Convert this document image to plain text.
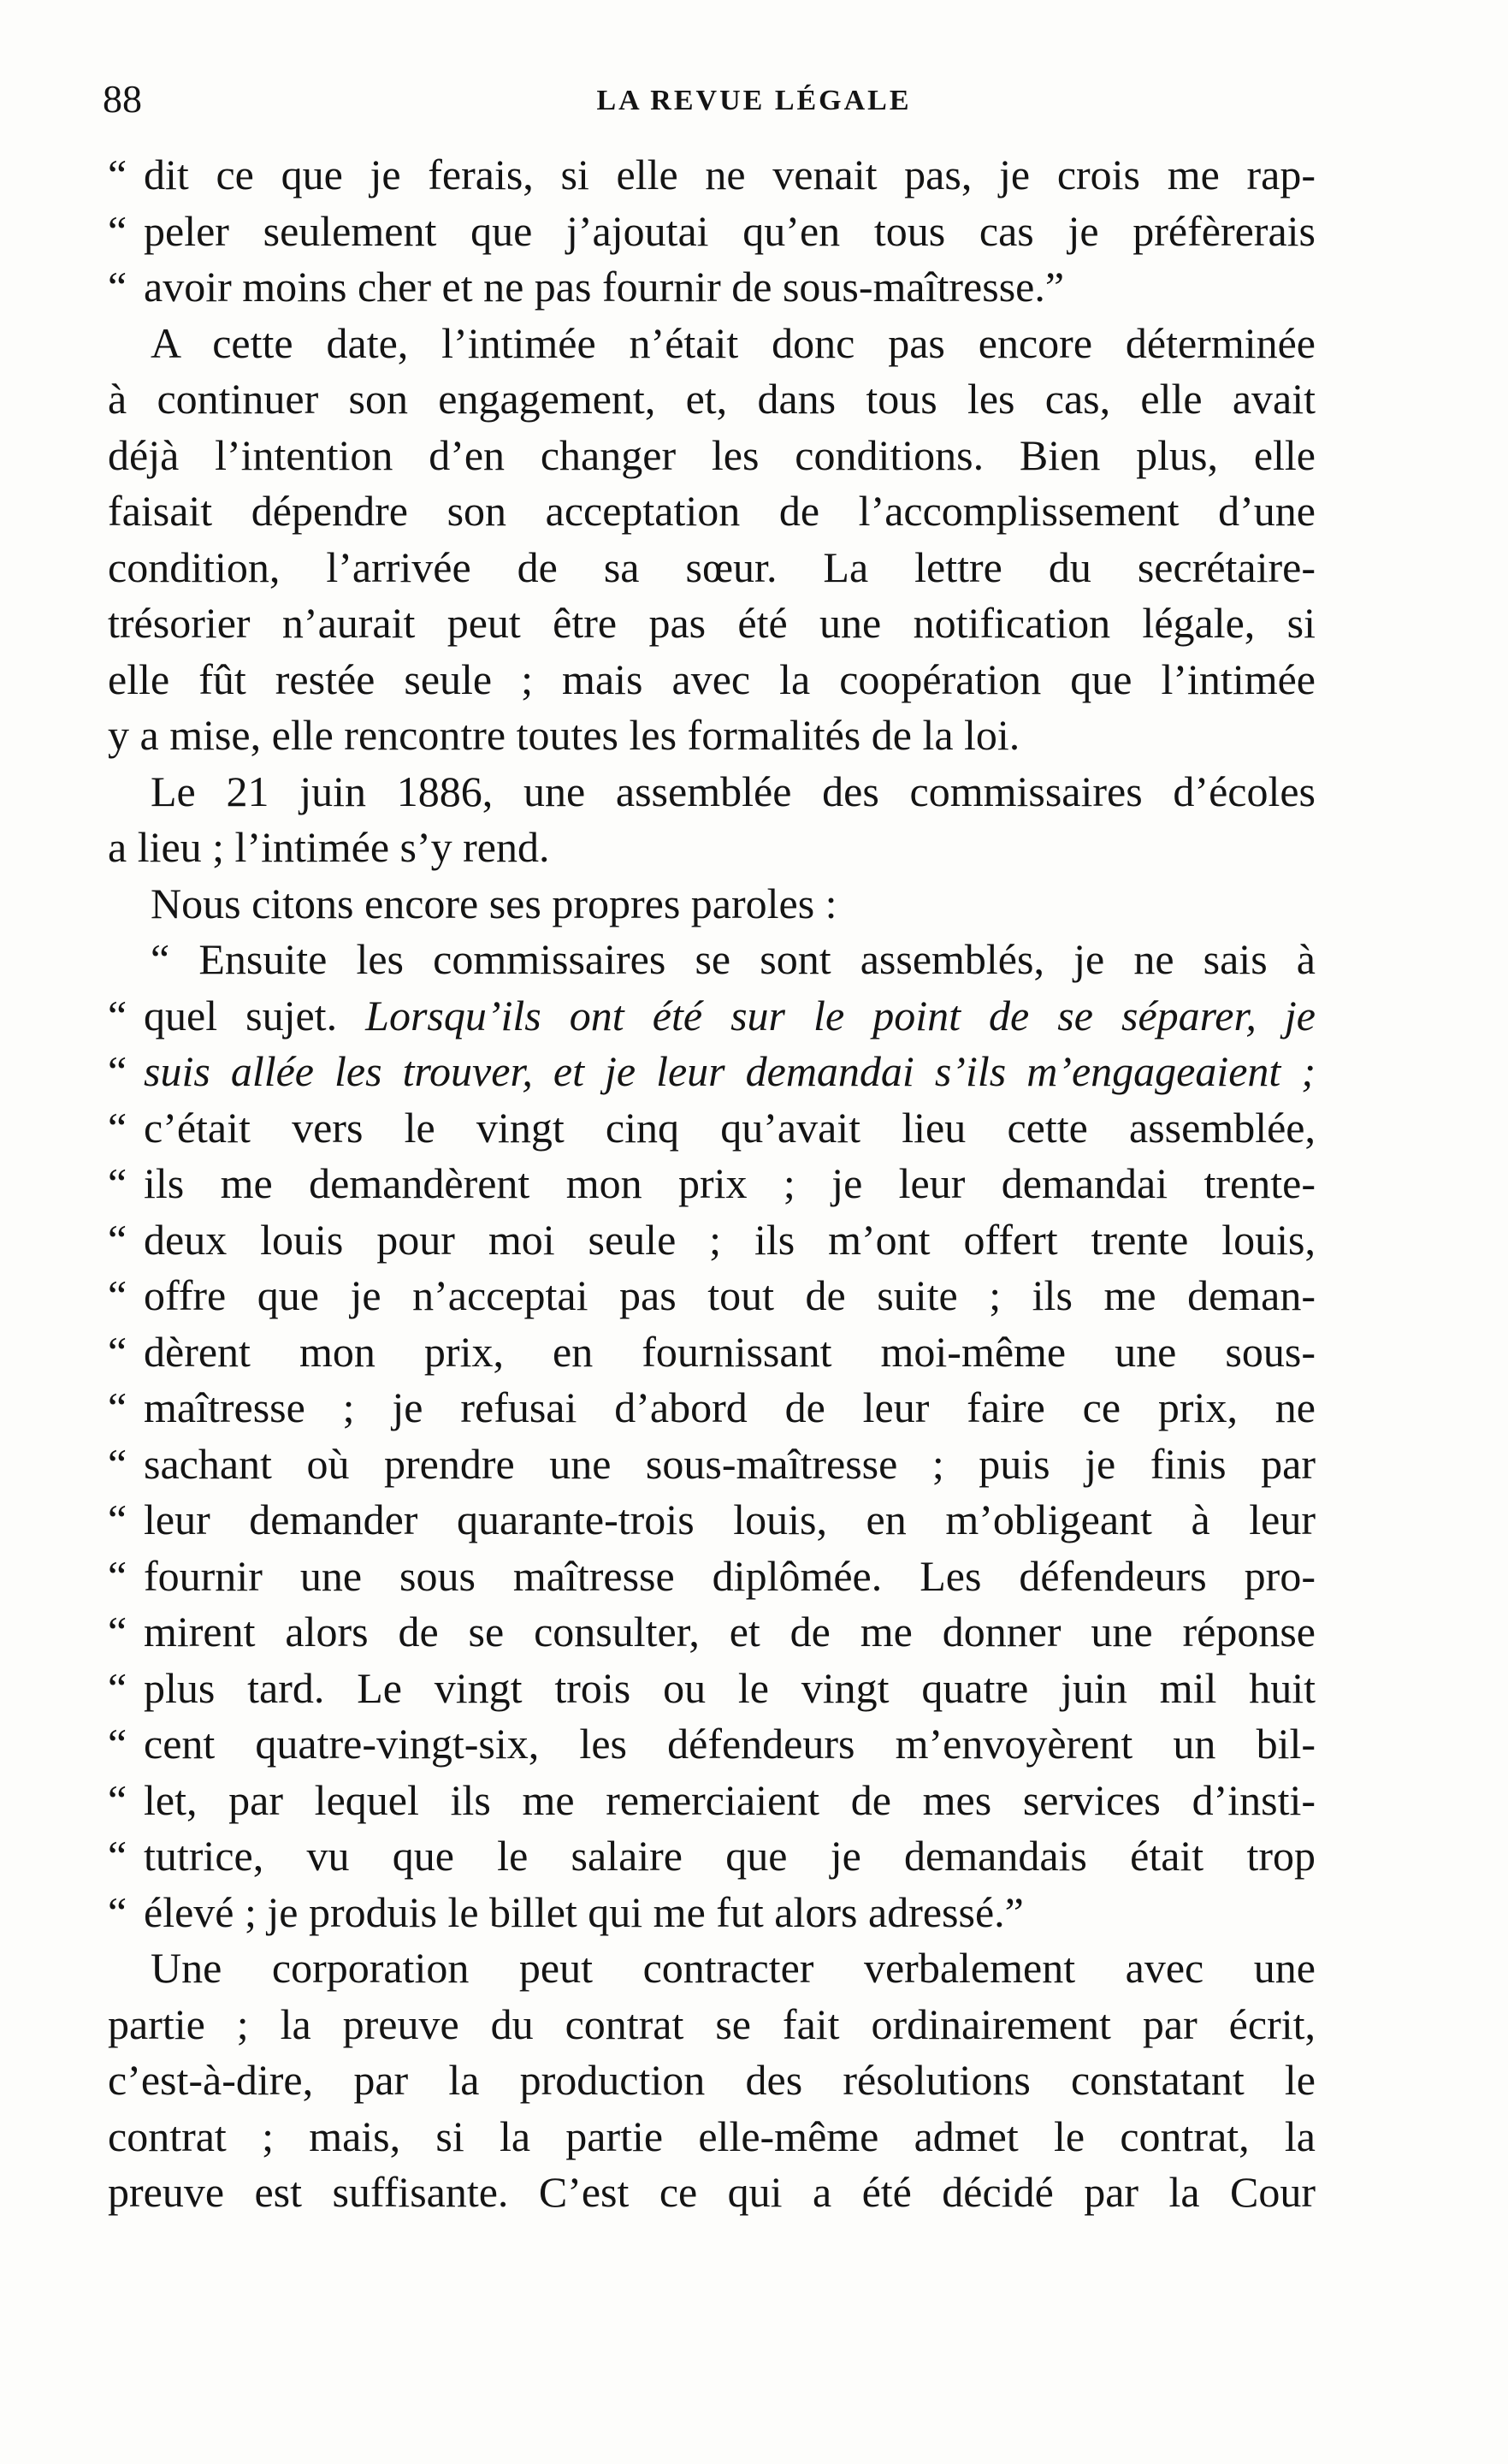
88	LA REVUE LÉGALE
“ dit ce que je ferais, si elle ne venait pas, je crois me rap-
“ peler seulement que j’ajoutai qu’en tous cas je préfèrerais
“ avoir moins cher et ne pas fournir de sous-maîtresse.”
 A cette date, l’intimée n’était donc pas encore déterminée
à continuer son engagement, et, dans tous les cas, elle avait
déjà l’intention d’en changer les conditions. Bien plus, elle
faisait dépendre son acceptation de l’accomplissement d’une
condition, l’arrivée de sa sœur. La lettre du secrétaire-
trésorier n’aurait peut être pas été une notification légale, si
elle fût restée seule ; mais avec la coopération que l’intimée
y a mise, elle rencontre toutes les formalités de la loi.
 Le 21 juin 1886, une assemblée des commissaires d’écoles
a lieu ; l’intimée s’y rend.
 Nous citons encore ses propres paroles :
 “ Ensuite les commissaires se sont assemblés, je ne sais à
“ quel sujet. Lorsqu’ils ont été sur le point de se séparer, je
“ suis allée les trouver, et je leur demandai s’ils m’engageaient ;
“ c’était vers le vingt cinq qu’avait lieu cette assemblée,
“ ils me demandèrent mon prix ; je leur demandai trente-
“ deux louis pour moi seule ; ils m’ont offert trente louis,
“ offre que je n’acceptai pas tout de suite ; ils me deman-
“ dèrent mon prix, en fournissant moi-même une sous-
“ maîtresse ; je refusai d’abord de leur faire ce prix, ne
“ sachant où prendre une sous-maîtresse ; puis je finis par
“ leur demander quarante-trois louis, en m’obligeant à leur
“ fournir une sous maîtresse diplômée. Les défendeurs pro-
“ mirent alors de se consulter, et de me donner une réponse
“ plus tard. Le vingt trois ou le vingt quatre juin mil huit
“ cent quatre-vingt-six, les défendeurs m’envoyèrent un bil-
“ let, par lequel ils me remerciaient de mes services d’insti-
“ tutrice, vu que le salaire que je demandais était trop
“ élevé ; je produis le billet qui me fut alors adressé.”
 Une corporation peut contracter verbalement avec une
partie ; la preuve du contrat se fait ordinairement par écrit,
c’est-à-dire, par la production des résolutions constatant le
contrat ; mais, si la partie elle-même admet le contrat, la
preuve est suffisante. C’est ce qui a été décidé par la Cour
